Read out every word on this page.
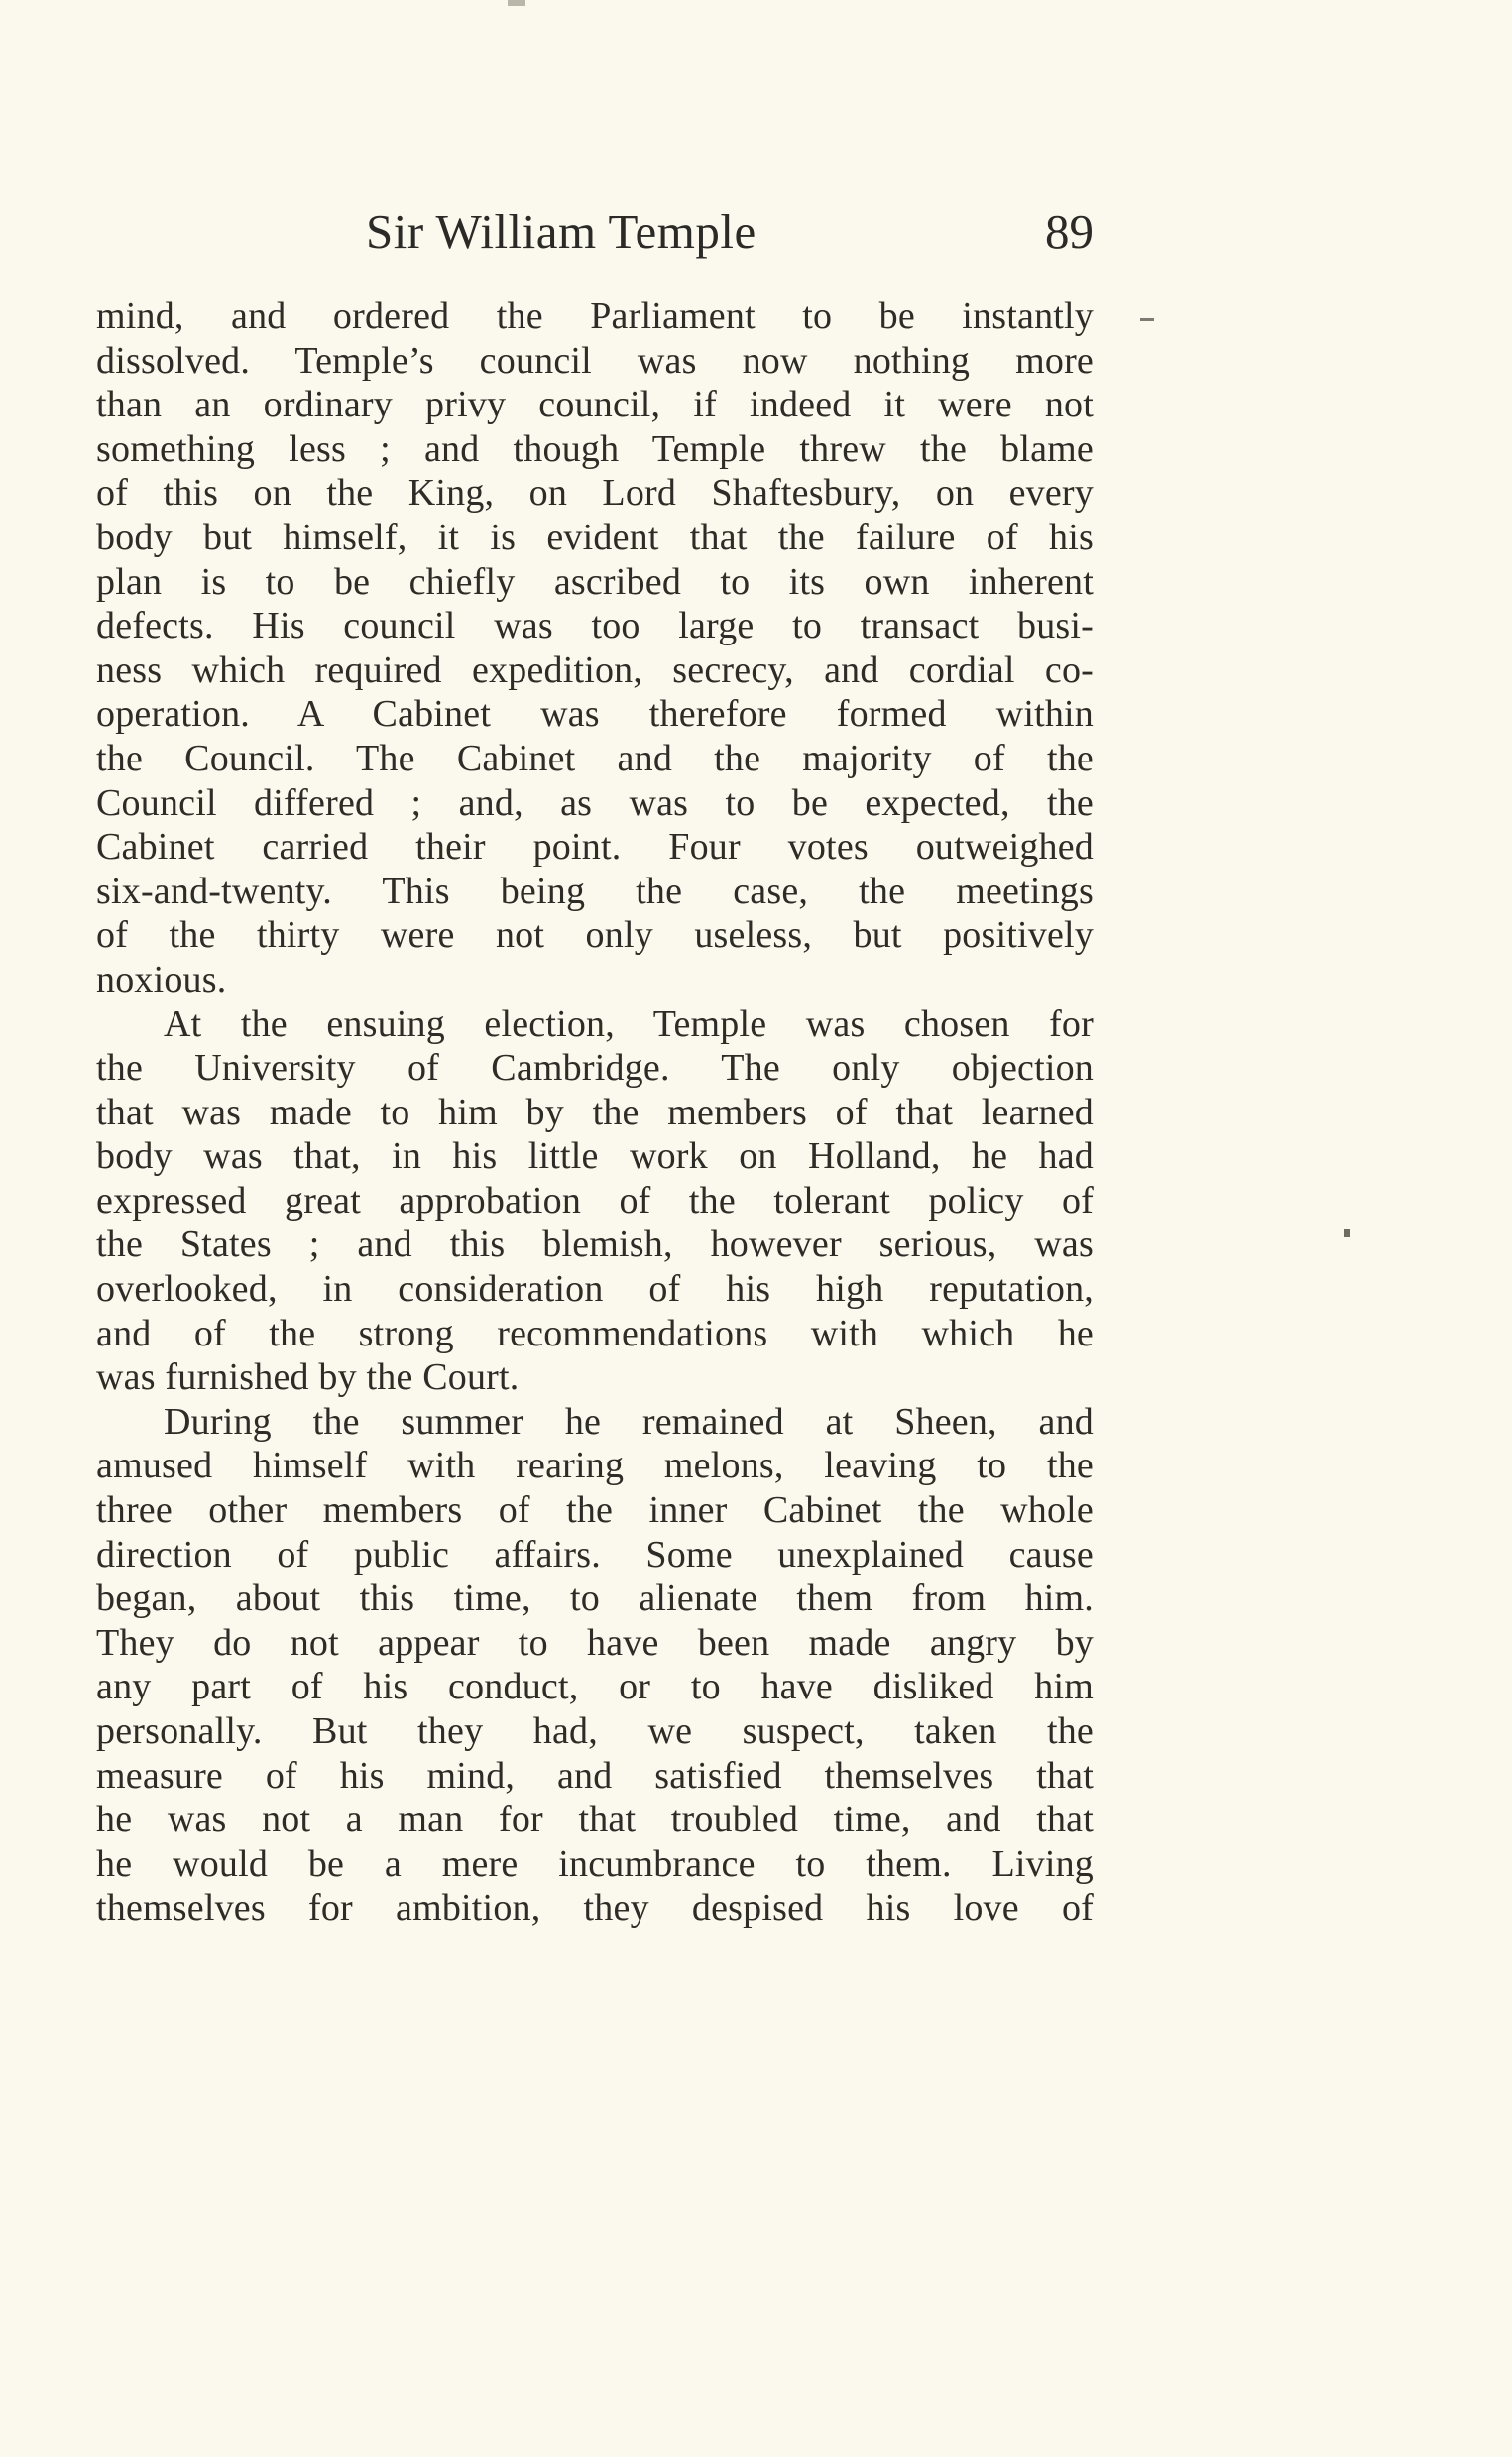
Sir William Temple	89
mind, and ordered the Parliament to be instantly
dissolved. Temple’s council was now nothing more
than an ordinary privy council, if indeed it were not
something less ; and though Temple threw the blame
of this on the King, on Lord Shaftesbury, on every
body but himself, it is evident that the failure of his
plan is to be chiefly ascribed to its own inherent
defects. His council was too large to transact busi-
ness which required expedition, secrecy, and cordial co-
operation. A Cabinet was therefore formed within
the Council. The Cabinet and the majority of the
Council differed ; and, as was to be expected, the
Cabinet carried their point. Four votes outweighed
six-and-twenty. This being the case, the meetings
of the thirty were not only useless, but positively
noxious.
At the ensuing election, Temple was chosen for
the University of Cambridge. The only objection
that was made to him by the members of that learned
body was that, in his little work on Holland, he had
expressed great approbation of the tolerant policy of
the States ; and this blemish, however serious, was
overlooked, in consideration of his high reputation,
and of the strong recommendations with which he
was furnished by the Court.
During the summer he remained at Sheen, and
amused himself with rearing melons, leaving to the
three other members of the inner Cabinet the whole
direction of public affairs. Some unexplained cause
began, about this time, to alienate them from him.
They do not appear to have been made angry by
any part of his conduct, or to have disliked him
personally. But they had, we suspect, taken the
measure of his mind, and satisfied themselves that
he was not a man for that troubled time, and that
he would be a mere incumbrance to them. Living
themselves for ambition, they despised his love of
